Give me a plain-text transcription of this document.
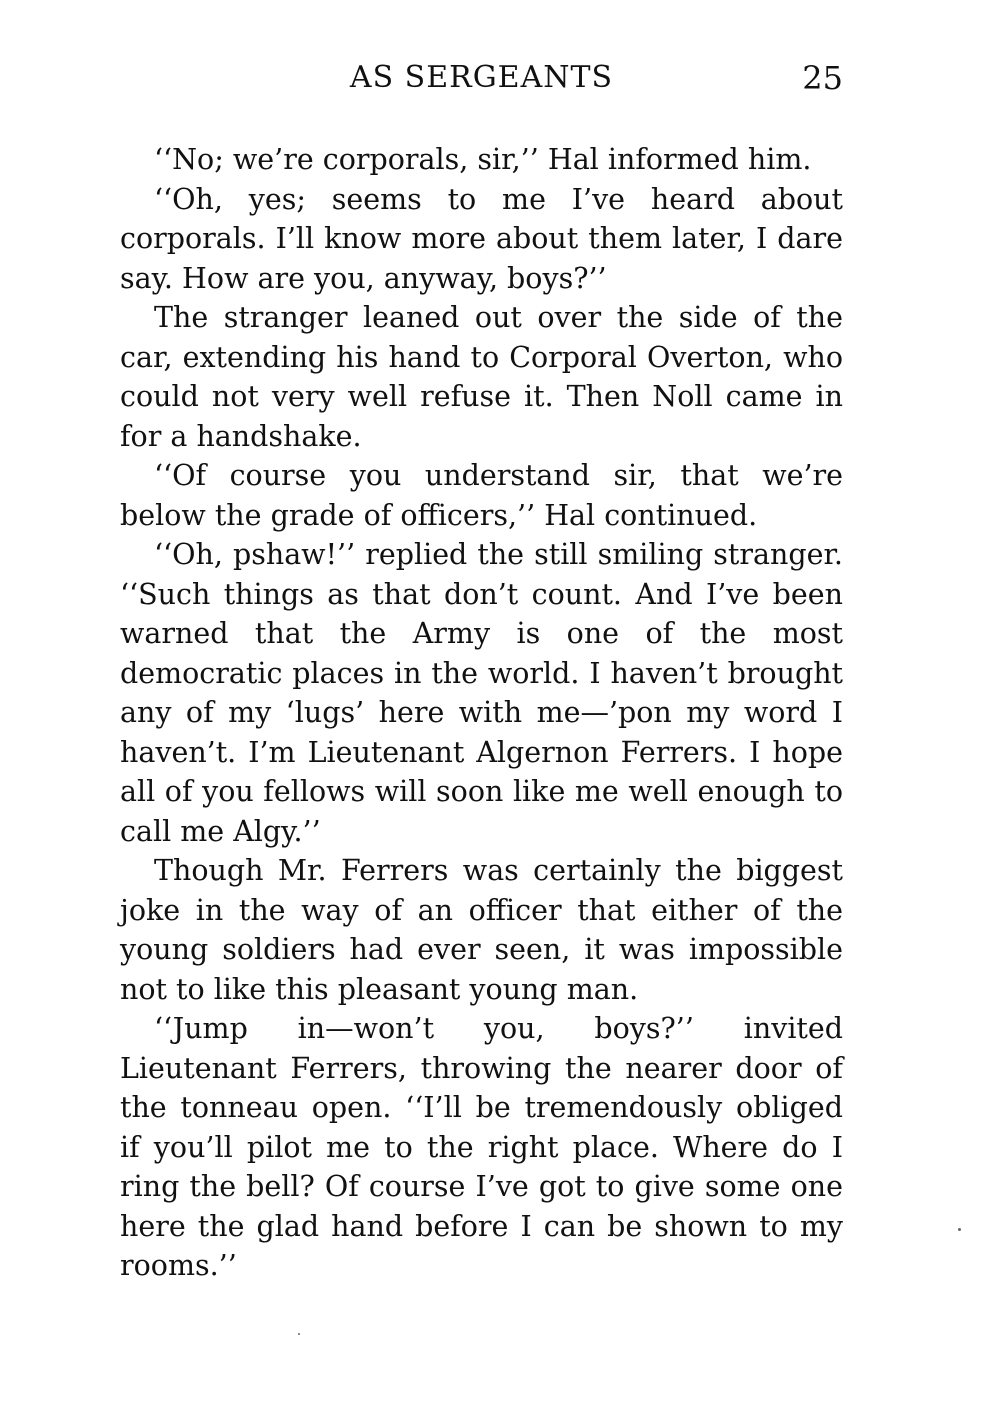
AS SERGEANTS	25

‘‘No; we’re corporals, sir,’’ Hal informed him.

‘‘Oh, yes; seems to me I’ve heard about corporals. I’ll know more about them later, I dare say. How are you, anyway, boys?’’

The stranger leaned out over the side of the car, extending his hand to Corporal Overton, who could not very well refuse it. Then Noll came in for a handshake.

‘‘Of course you understand sir, that we’re below the grade of officers,’’ Hal continued.

‘‘Oh, pshaw!’’ replied the still smiling stranger. ‘‘Such things as that don’t count. And I’ve been warned that the Army is one of the most democratic places in the world. I haven’t brought any of my ‘lugs’ here with me—’pon my word I haven’t. I’m Lieutenant Algernon Ferrers. I hope all of you fellows will soon like me well enough to call me Algy.’’

Though Mr. Ferrers was certainly the biggest joke in the way of an officer that either of the young soldiers had ever seen, it was impossible not to like this pleasant young man.

‘‘Jump in—won’t you, boys?’’ invited Lieutenant Ferrers, throwing the nearer door of the tonneau open. ‘‘I’ll be tremendously obliged if you’ll pilot me to the right place. Where do I ring the bell? Of course I’ve got to give some one here the glad hand before I can be shown to my rooms.’’
